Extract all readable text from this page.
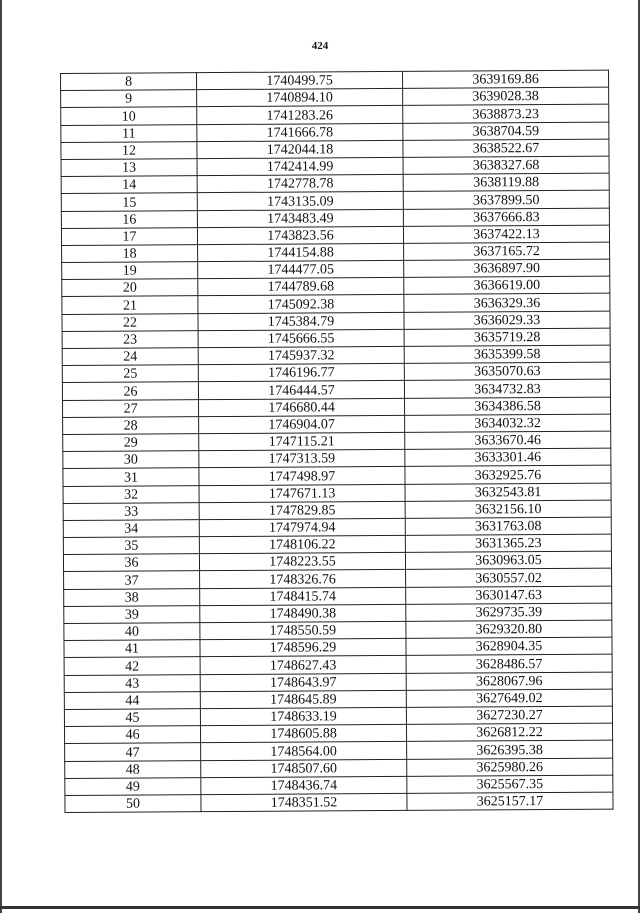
424
8	1740499.75	3639169.86
9	1740894.10	3639028.38
10	1741283.26	3638873.23
11	1741666.78	3638704.59
12	1742044.18	3638522.67
13	1742414.99	3638327.68
14	1742778.78	3638119.88
15	1743135.09	3637899.50
16	1743483.49	3637666.83
17	1743823.56	3637422.13
18	1744154.88	3637165.72
19	1744477.05	3636897.90
20	1744789.68	3636619.00
21	1745092.38	3636329.36
22	1745384.79	3636029.33
23	1745666.55	3635719.28
24	1745937.32	3635399.58
25	1746196.77	3635070.63
26	1746444.57	3634732.83
27	1746680.44	3634386.58
28	1746904.07	3634032.32
29	1747115.21	3633670.46
30	1747313.59	3633301.46
31	1747498.97	3632925.76
32	1747671.13	3632543.81
33	1747829.85	3632156.10
34	1747974.94	3631763.08
35	1748106.22	3631365.23
36	1748223.55	3630963.05
37	1748326.76	3630557.02
38	1748415.74	3630147.63
39	1748490.38	3629735.39
40	1748550.59	3629320.80
41	1748596.29	3628904.35
42	1748627.43	3628486.57
43	1748643.97	3628067.96
44	1748645.89	3627649.02
45	1748633.19	3627230.27
46	1748605.88	3626812.22
47	1748564.00	3626395.38
48	1748507.60	3625980.26
49	1748436.74	3625567.35
50	1748351.52	3625157.17
